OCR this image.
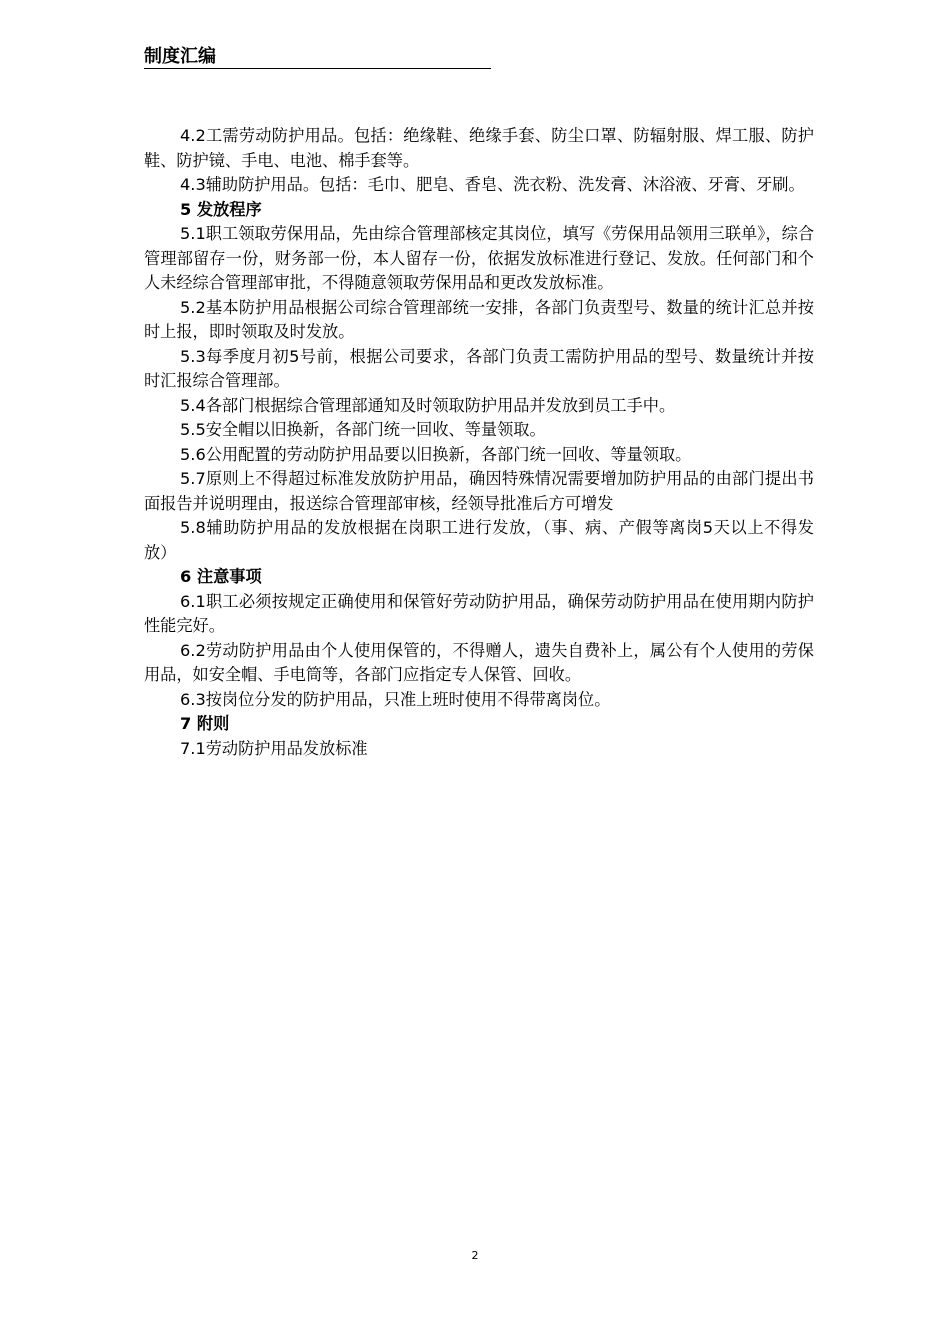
制度汇编

4.2工需劳动防护用品。包括：绝缘鞋、绝缘手套、防尘口罩、防辐射服、焊工服、防护鞋、防护镜、手电、电池、棉手套等。

4.3辅助防护用品。包括：毛巾、肥皂、香皂、洗衣粉、洗发膏、沐浴液、牙膏、牙刷。

5 发放程序

5.1职工领取劳保用品，先由综合管理部核定其岗位，填写《劳保用品领用三联单》，综合管理部留存一份，财务部一份，本人留存一份，依据发放标准进行登记、发放。任何部门和个人未经综合管理部审批，不得随意领取劳保用品和更改发放标准。

5.2基本防护用品根据公司综合管理部统一安排，各部门负责型号、数量的统计汇总并按时上报，即时领取及时发放。

5.3每季度月初5号前，根据公司要求，各部门负责工需防护用品的型号、数量统计并按时汇报综合管理部。

5.4各部门根据综合管理部通知及时领取防护用品并发放到员工手中。

5.5安全帽以旧换新，各部门统一回收、等量领取。

5.6公用配置的劳动防护用品要以旧换新，各部门统一回收、等量领取。

5.7原则上不得超过标准发放防护用品，确因特殊情况需要增加防护用品的由部门提出书面报告并说明理由，报送综合管理部审核，经领导批准后方可增发

5.8辅助防护用品的发放根据在岗职工进行发放，（事、病、产假等离岗5天以上不得发放）

6 注意事项

6.1职工必须按规定正确使用和保管好劳动防护用品，确保劳动防护用品在使用期内防护性能完好。

6.2劳动防护用品由个人使用保管的，不得赠人，遗失自费补上，属公有个人使用的劳保用品，如安全帽、手电筒等，各部门应指定专人保管、回收。

6.3按岗位分发的防护用品，只准上班时使用不得带离岗位。

7 附则

7.1劳动防护用品发放标准

2
